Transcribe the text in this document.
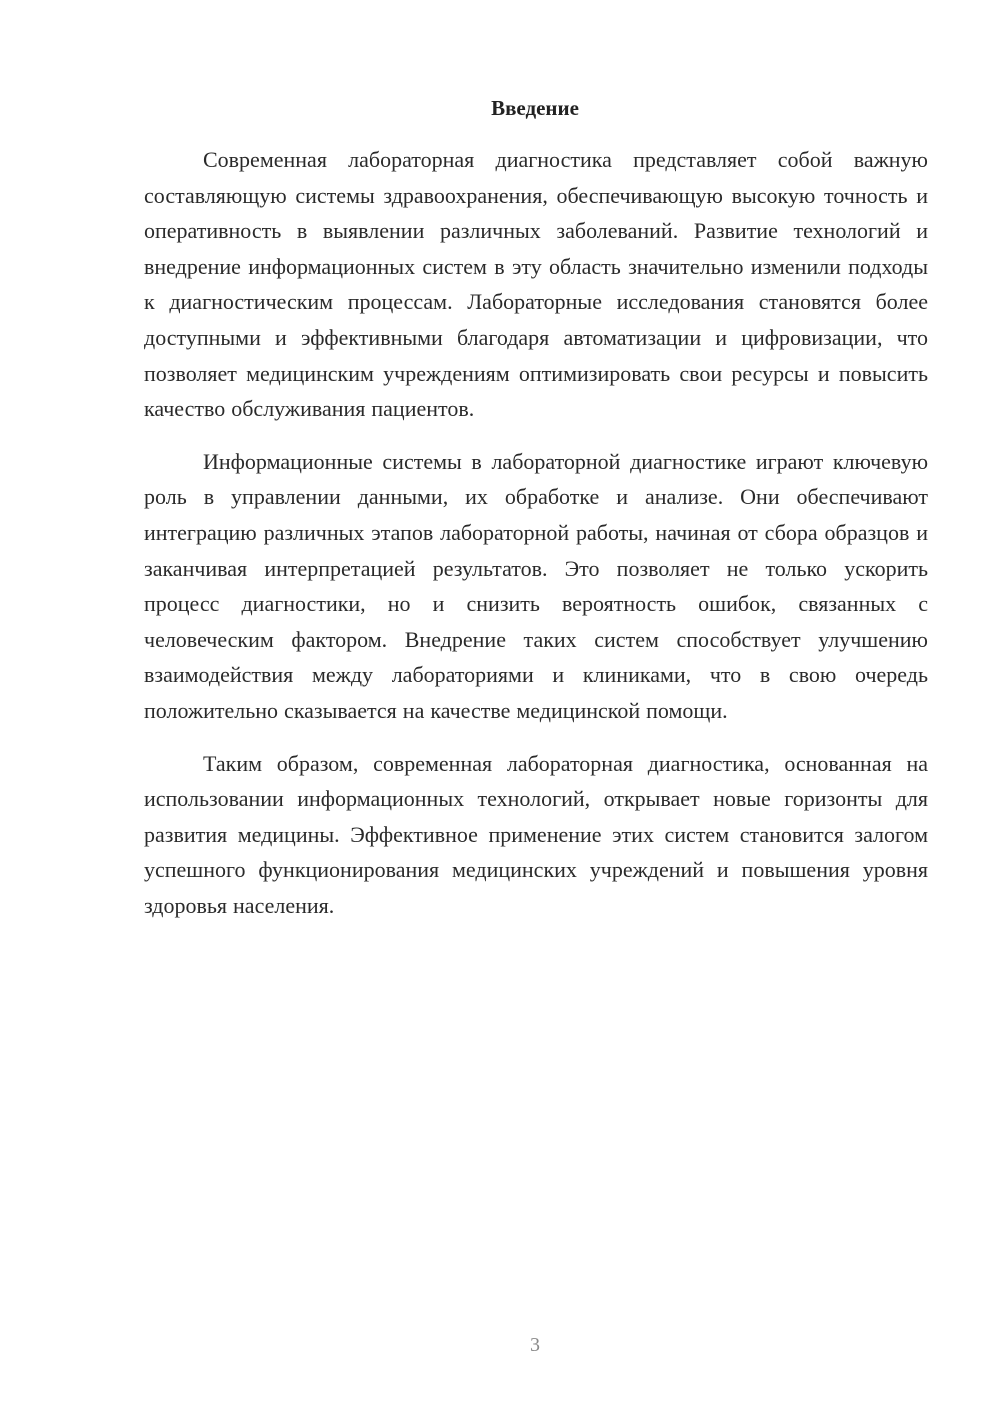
Введение

Современная лабораторная диагностика представляет собой важную составляющую системы здравоохранения, обеспечивающую высокую точность и оперативность в выявлении различных заболеваний. Развитие технологий и внедрение информационных систем в эту область значительно изменили подходы к диагностическим процессам. Лабораторные исследования становятся более доступными и эффективными благодаря автоматизации и цифровизации, что позволяет медицинским учреждениям оптимизировать свои ресурсы и повысить качество обслуживания пациентов.

Информационные системы в лабораторной диагностике играют ключевую роль в управлении данными, их обработке и анализе. Они обеспечивают интеграцию различных этапов лабораторной работы, начиная от сбора образцов и заканчивая интерпретацией результатов. Это позволяет не только ускорить процесс диагностики, но и снизить вероятность ошибок, связанных с человеческим фактором. Внедрение таких систем способствует улучшению взаимодействия между лабораториями и клиниками, что в свою очередь положительно сказывается на качестве медицинской помощи.

Таким образом, современная лабораторная диагностика, основанная на использовании информационных технологий, открывает новые горизонты для развития медицины. Эффективное применение этих систем становится залогом успешного функционирования медицинских учреждений и повышения уровня здоровья населения.

3
